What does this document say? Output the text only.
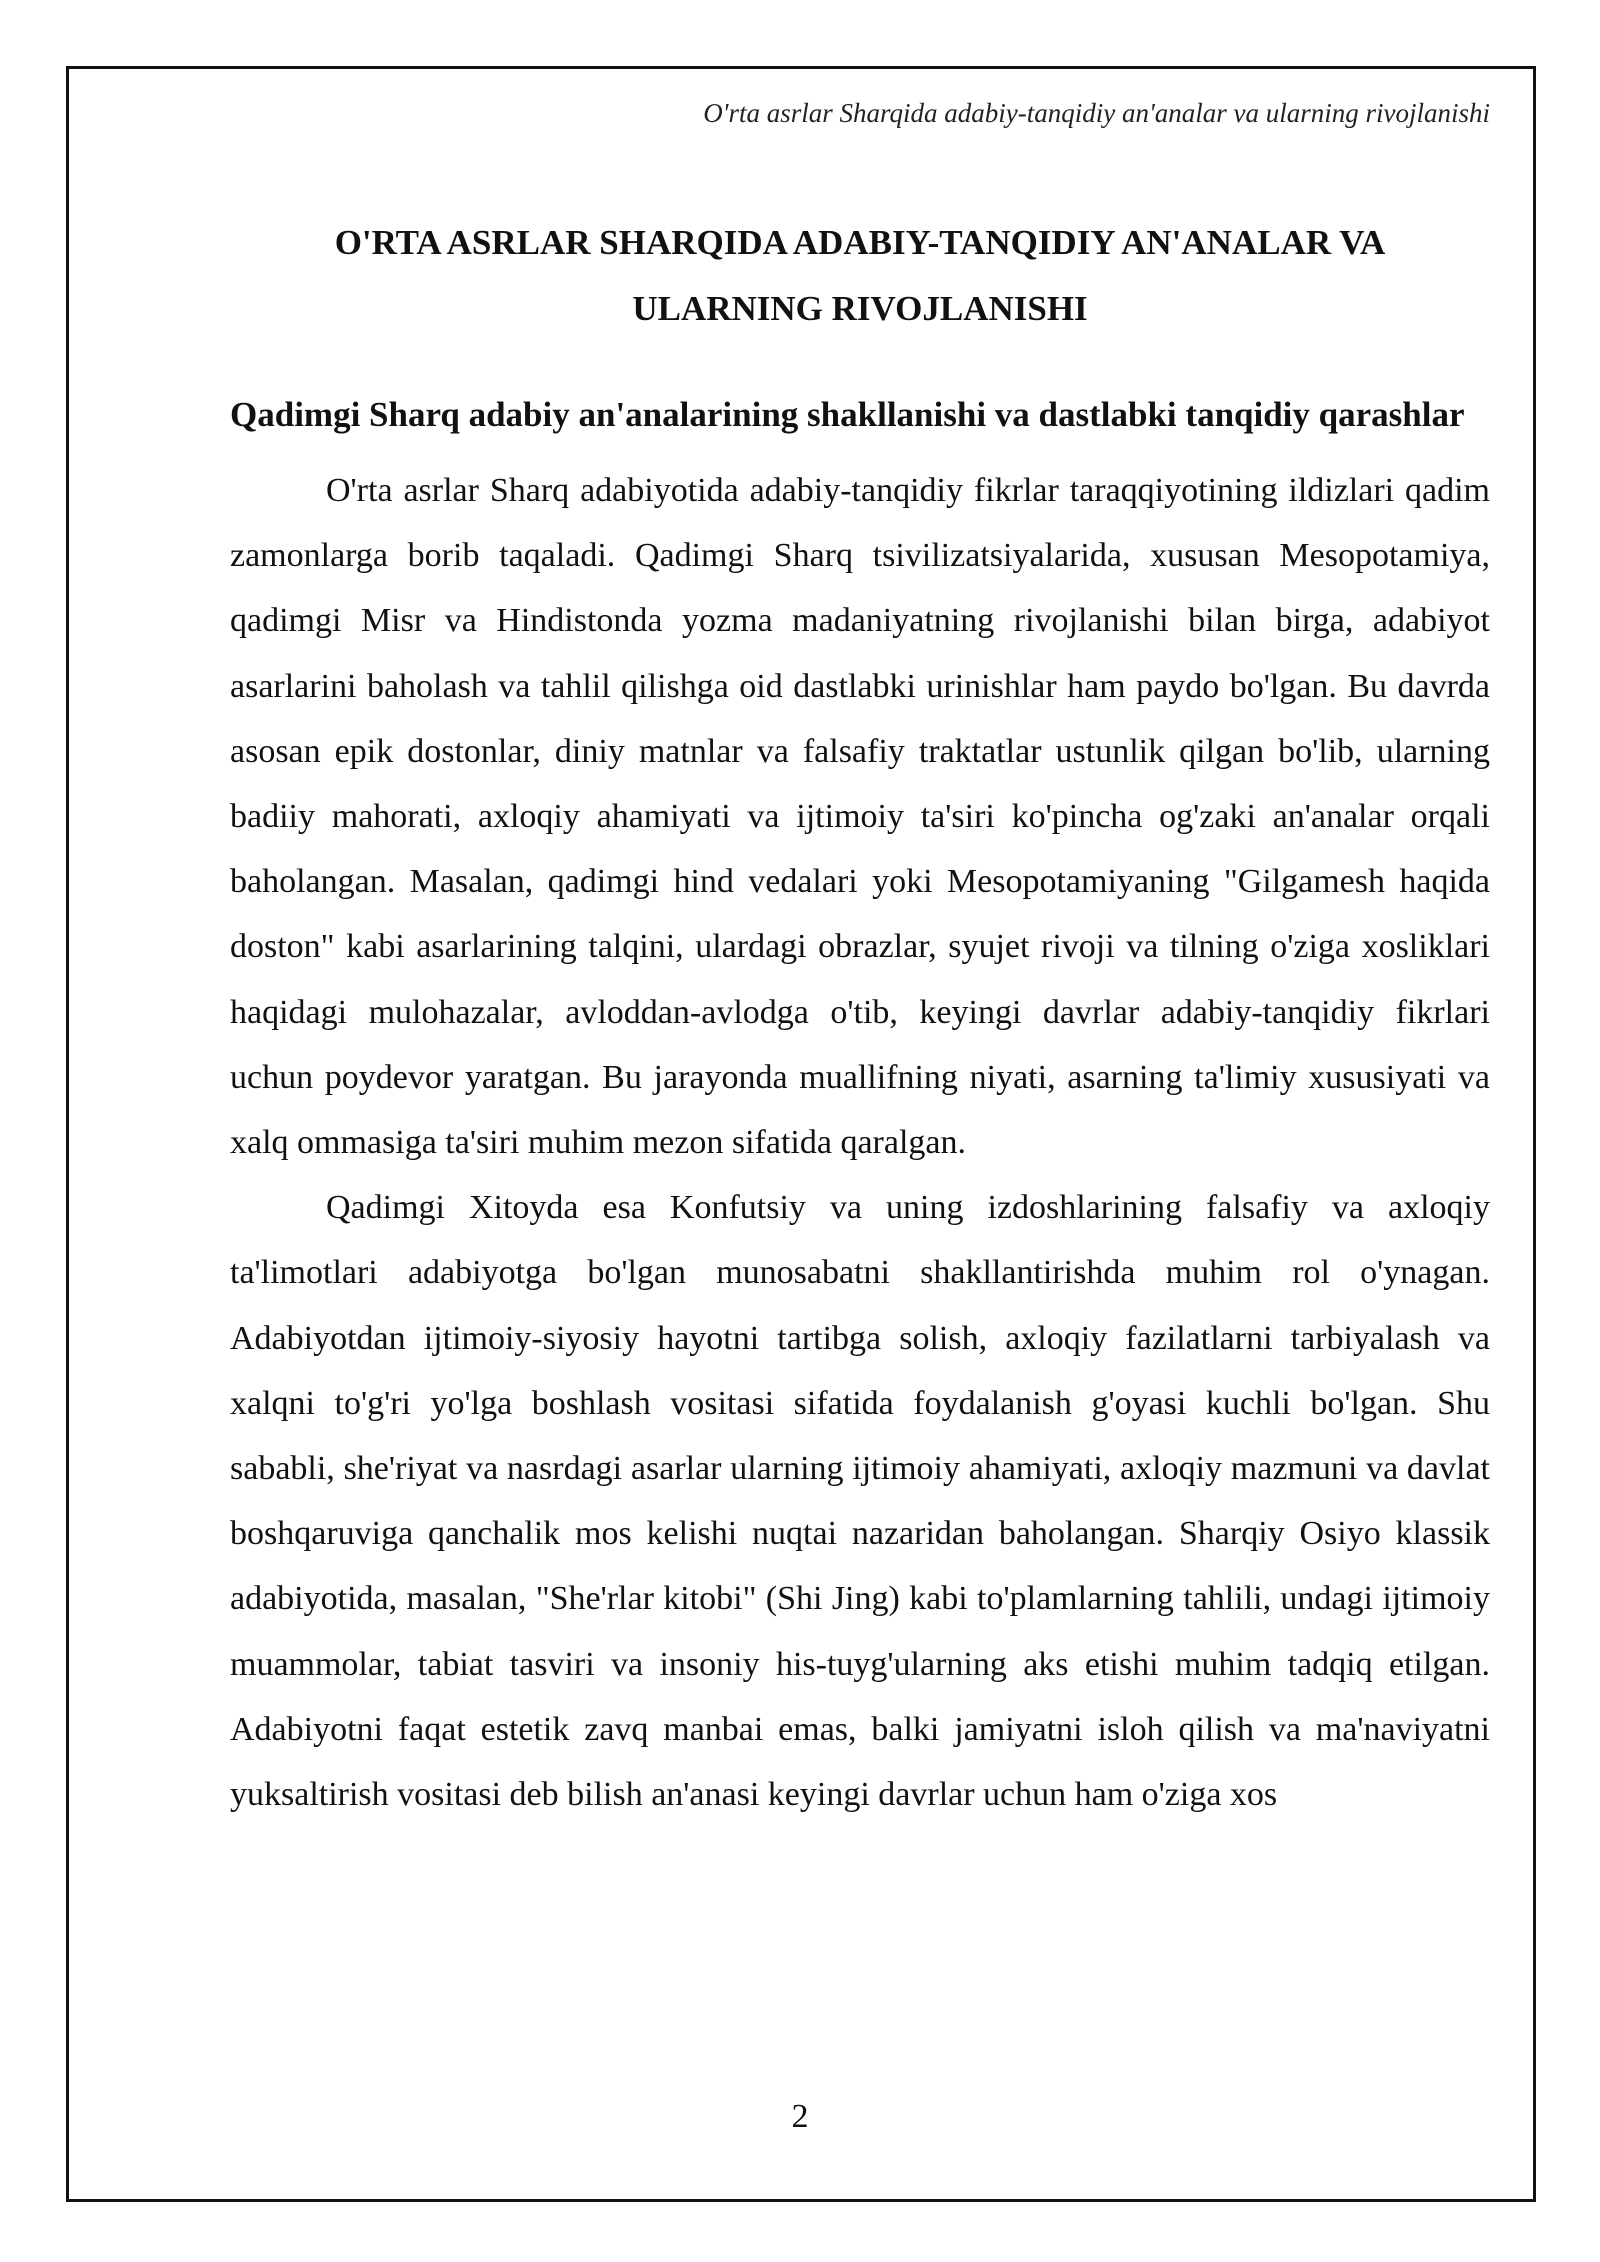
O'rta asrlar Sharqida adabiy-tanqidiy an'analar va ularning rivojlanishi
O'RTA ASRLAR SHARQIDA ADABIY-TANQIDIY AN'ANALAR VA
ULARNING RIVOJLANISHI
Qadimgi Sharq adabiy an'analarining shakllanishi va dastlabki tanqidiy qarashlar

O'rta asrlar Sharq adabiyotida adabiy-tanqidiy fikrlar taraqqiyotining ildizlari qadim zamonlarga borib taqaladi. Qadimgi Sharq tsivilizatsiyalarida, xususan Mesopotamiya, qadimgi Misr va Hindistonda yozma madaniyatning rivojlanishi bilan birga, adabiyot asarlarini baholash va tahlil qilishga oid dastlabki urinishlar ham paydo bo'lgan. Bu davrda asosan epik dostonlar, diniy matnlar va falsafiy traktatlar ustunlik qilgan bo'lib, ularning badiiy mahorati, axloqiy ahamiyati va ijtimoiy ta'siri ko'pincha og'zaki an'analar orqali baholangan. Masalan, qadimgi hind vedalari yoki Mesopotamiyaning "Gilgamesh haqida doston" kabi asarlarining talqini, ulardagi obrazlar, syujet rivoji va tilning o'ziga xosliklari haqidagi mulohazalar, avloddan-avlodga o'tib, keyingi davrlar adabiy-tanqidiy fikrlari uchun poydevor yaratgan. Bu jarayonda muallifning niyati, asarning ta'limiy xususiyati va xalq ommasiga ta'siri muhim mezon sifatida qaralgan.

Qadimgi Xitoyda esa Konfutsiy va uning izdoshlarining falsafiy va axloqiy ta'limotlari adabiyotga bo'lgan munosabatni shakllantirishda muhim rol o'ynagan. Adabiyotdan ijtimoiy-siyosiy hayotni tartibga solish, axloqiy fazilatlarni tarbiyalash va xalqni to'g'ri yo'lga boshlash vositasi sifatida foydalanish g'oyasi kuchli bo'lgan. Shu sababli, she'riyat va nasrdagi asarlar ularning ijtimoiy ahamiyati, axloqiy mazmuni va davlat boshqaruviga qanchalik mos kelishi nuqtai nazaridan baholangan. Sharqiy Osiyo klassik adabiyotida, masalan, "She'rlar kitobi" (Shi Jing) kabi to'plamlarning tahlili, undagi ijtimoiy muammolar, tabiat tasviri va insoniy his-tuyg'ularning aks etishi muhim tadqiq etilgan. Adabiyotni faqat estetik zavq manbai emas, balki jamiyatni isloh qilish va ma'naviyatni yuksaltirish vositasi deb bilish an'anasi keyingi davrlar uchun ham o'ziga xos

2
